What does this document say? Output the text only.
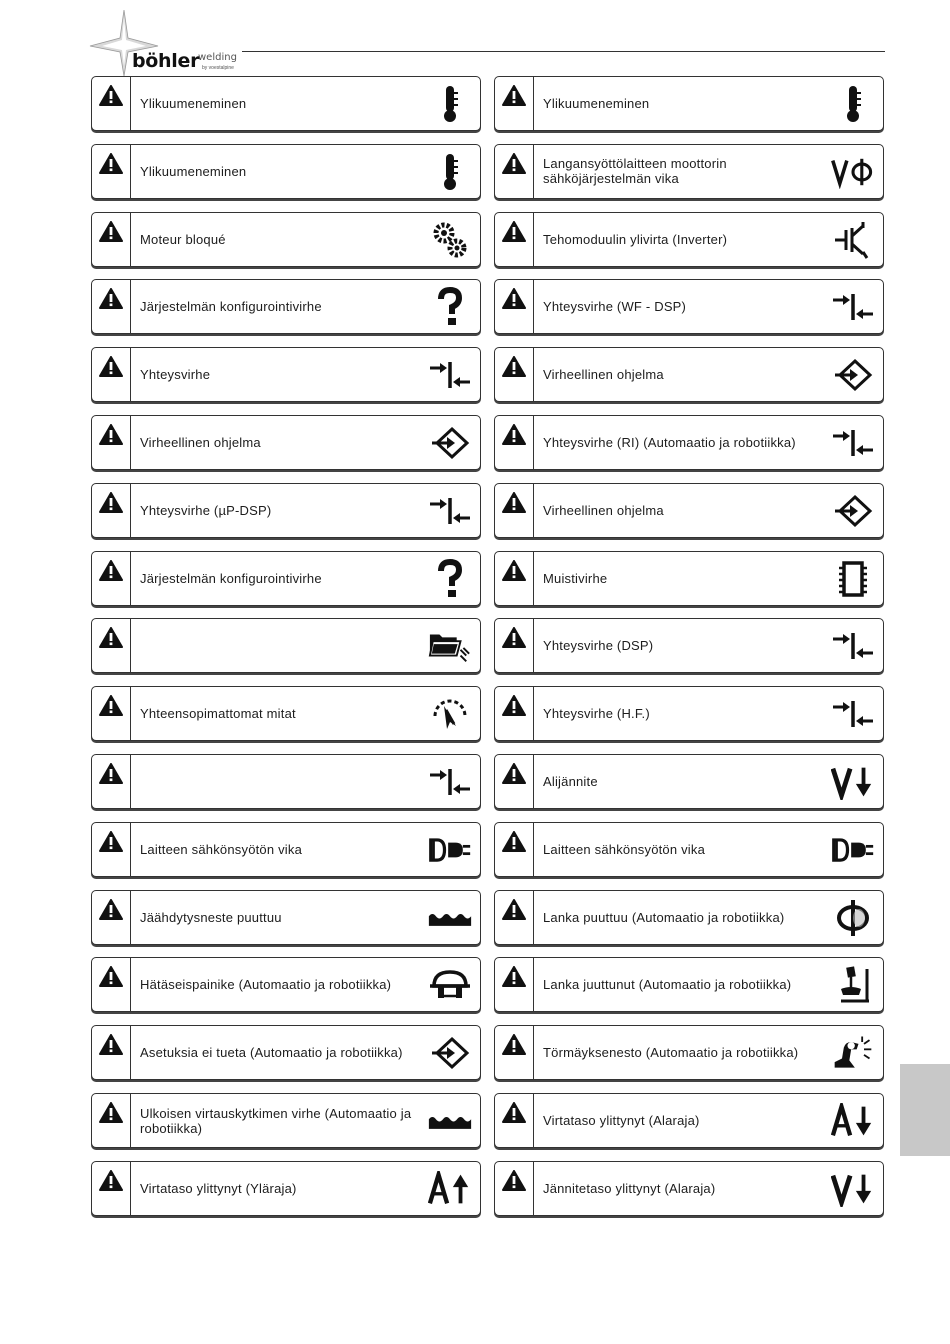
böhler
welding
by voestalpine
Ylikuumeneminen	Ylikuumeneminen
Ylikuumeneminen	Langansyöttölaitteen moottorin sähköjärjestelmän vika
Moteur bloqué	Tehomoduulin ylivirta (Inverter)
Järjestelmän konfigurointivirhe	Yhteysvirhe (WF - DSP)
Yhteysvirhe	Virheellinen ohjelma
Virheellinen ohjelma	Yhteysvirhe (RI) (Automaatio ja robotiikka)
Yhteysvirhe (µP-DSP)	Virheellinen ohjelma
Järjestelmän konfigurointivirhe	Muistivirhe
Yhteysvirhe (DSP)
Yhteensopimattomat mitat	Yhteysvirhe (H.F.)
Alijännite
Laitteen sähkönsyötön vika	Laitteen sähkönsyötön vika
Jäähdytysneste puuttuu	Lanka puuttuu (Automaatio ja robotiikka)
Hätäseispainike (Automaatio ja robotiikka)	Lanka juuttunut (Automaatio ja robotiikka)
Asetuksia ei tueta (Automaatio ja robotiikka)	Törmäyksenesto (Automaatio ja robotiikka)
Ulkoisen virtauskytkimen virhe (Automaatio ja robotiikka)	Virtataso ylittynyt (Alaraja)
Virtataso ylittynyt (Yläraja)	Jännitetaso ylittynyt (Alaraja)
